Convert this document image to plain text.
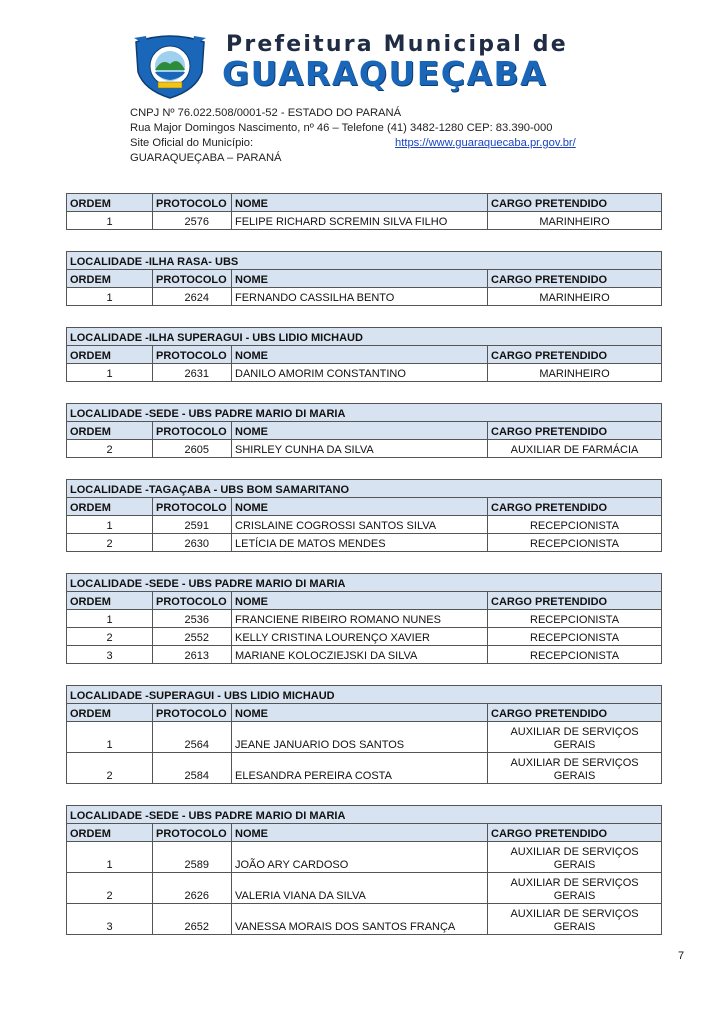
Prefeitura Municipal de
GUARAQUEÇABA
CNPJ Nº 76.022.508/0001-52 - ESTADO DO PARANÁ
Rua Major Domingos Nascimento, nº 46 – Telefone (41) 3482-1280 CEP: 83.390-000
Site Oficial do Município:	https://www.guaraquecaba.pr.gov.br/
GUARAQUEÇABA – PARANÁ
ORDEM	PROTOCOLO	NOME	CARGO PRETENDIDO
1	2576	FELIPE RICHARD SCREMIN SILVA FILHO	MARINHEIRO
LOCALIDADE -ILHA RASA- UBS			
ORDEM	PROTOCOLO	NOME	CARGO PRETENDIDO
1	2624	FERNANDO CASSILHA BENTO	MARINHEIRO
LOCALIDADE -ILHA SUPERAGUI - UBS LIDIO MICHAUD			
ORDEM	PROTOCOLO	NOME	CARGO PRETENDIDO
1	2631	DANILO AMORIM CONSTANTINO	MARINHEIRO
LOCALIDADE -SEDE - UBS PADRE MARIO DI MARIA			
ORDEM	PROTOCOLO	NOME	CARGO PRETENDIDO
2	2605	SHIRLEY CUNHA DA SILVA	AUXILIAR DE FARMÁCIA
LOCALIDADE -TAGAÇABA - UBS BOM SAMARITANO			
ORDEM	PROTOCOLO	NOME	CARGO PRETENDIDO
1	2591	CRISLAINE COGROSSI SANTOS SILVA	RECEPCIONISTA
2	2630	LETÍCIA DE MATOS MENDES	RECEPCIONISTA
LOCALIDADE -SEDE - UBS PADRE MARIO DI MARIA			
ORDEM	PROTOCOLO	NOME	CARGO PRETENDIDO
1	2536	FRANCIENE RIBEIRO ROMANO NUNES	RECEPCIONISTA
2	2552	KELLY CRISTINA LOURENÇO XAVIER	RECEPCIONISTA
3	2613	MARIANE KOLOCZIEJSKI DA SILVA	RECEPCIONISTA
LOCALIDADE -SUPERAGUI - UBS LIDIO MICHAUD			
ORDEM	PROTOCOLO	NOME	CARGO PRETENDIDO
1	2564	JEANE JANUARIO DOS SANTOS	AUXILIAR DE SERVIÇOS GERAIS
2	2584	ELESANDRA PEREIRA COSTA	AUXILIAR DE SERVIÇOS GERAIS
LOCALIDADE -SEDE - UBS PADRE MARIO DI MARIA			
ORDEM	PROTOCOLO	NOME	CARGO PRETENDIDO
1	2589	JOÃO ARY CARDOSO	AUXILIAR DE SERVIÇOS GERAIS
2	2626	VALERIA VIANA DA SILVA	AUXILIAR DE SERVIÇOS GERAIS
3	2652	VANESSA MORAIS DOS SANTOS FRANÇA	AUXILIAR DE SERVIÇOS GERAIS
7
